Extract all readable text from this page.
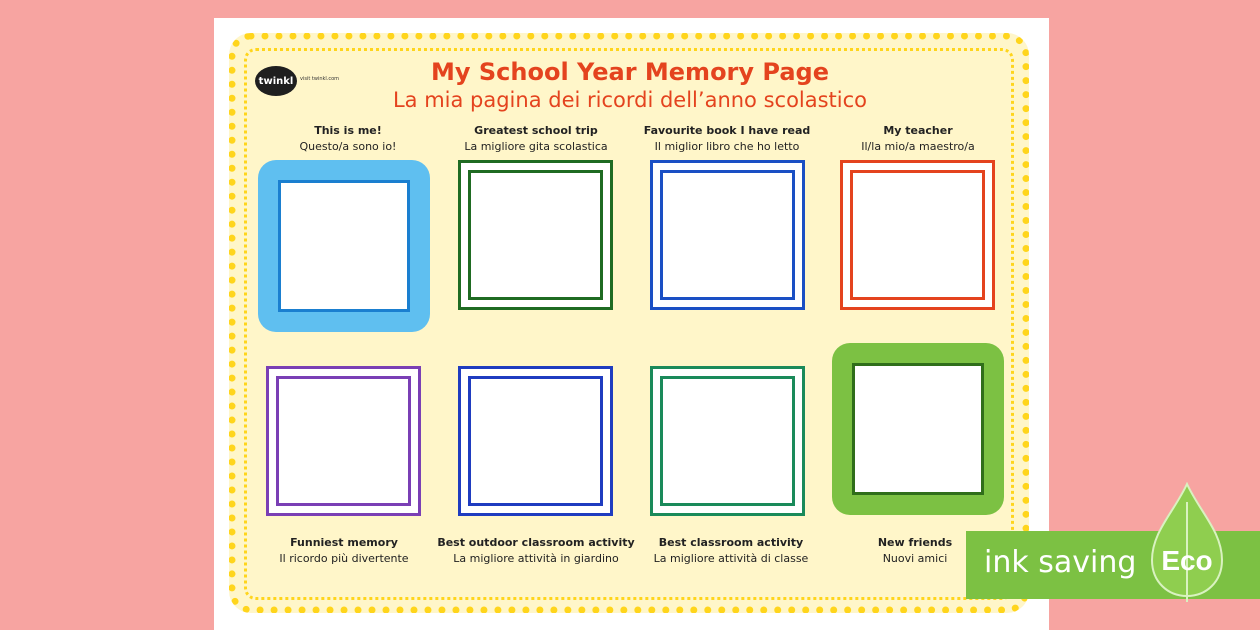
twinkl	visit twinkl.com	My School Year Memory Page
La mia pagina dei ricordi dell’anno scolastico
This is me!
Questo/a sono io!
Greatest school trip
La migliore gita scolastica
Favourite book I have read
Il miglior libro che ho letto
My teacher
Il/la mio/a maestro/a
Funniest memory
Il ricordo più divertente
Best outdoor classroom activity
La migliore attività in giardino
Best classroom activity
La migliore attività di classe
New friends
Nuovi amici	ink saving Eco
